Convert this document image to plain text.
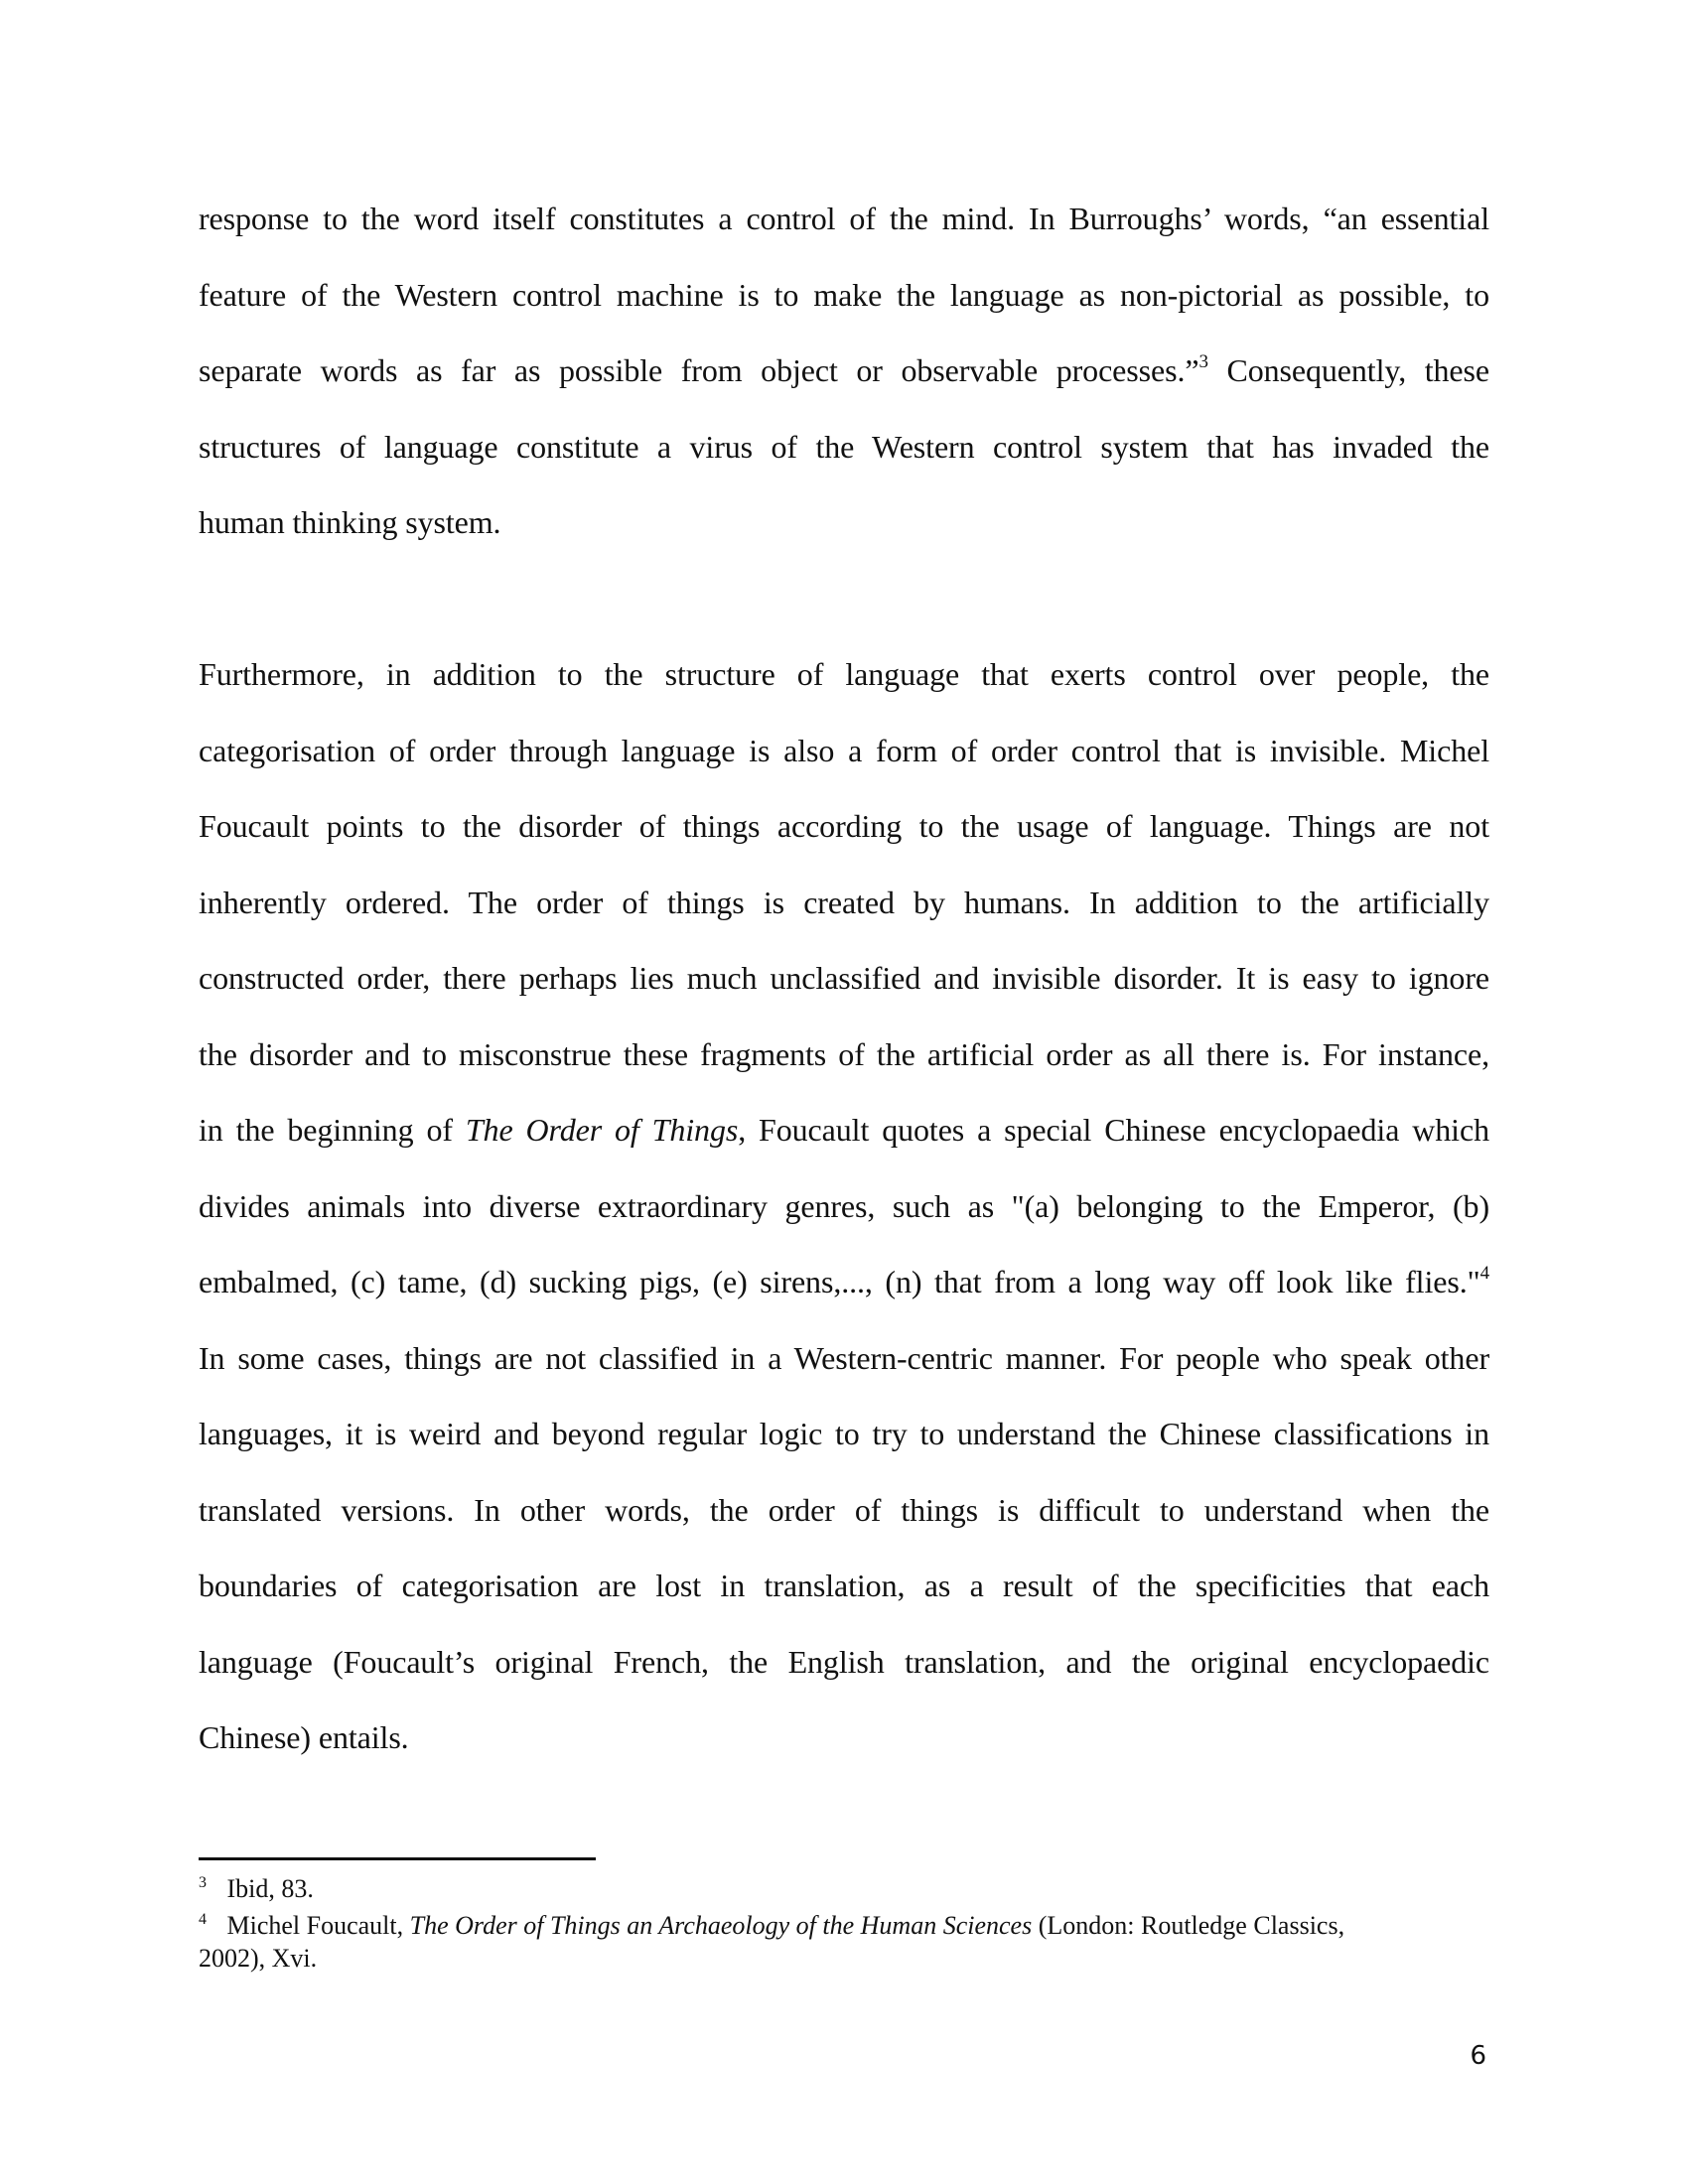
response to the word itself constitutes a control of the mind. In Burroughs’ words, “an essential
feature of the Western control machine is to make the language as non-pictorial as possible, to
separate words as far as possible from object or observable processes.”$^3$ Consequently, these
structures of language constitute a virus of the Western control system that has invaded the
human thinking system.
Furthermore, in addition to the structure of language that exerts control over people, the
categorisation of order through language is also a form of order control that is invisible. Michel
Foucault points to the disorder of things according to the usage of language. Things are not
inherently ordered. The order of things is created by humans. In addition to the artificially
constructed order, there perhaps lies much unclassified and invisible disorder. It is easy to ignore
the disorder and to misconstrue these fragments of the artificial order as all there is. For instance,
in the beginning of The Order of Things, Foucault quotes a special Chinese encyclopaedia which
divides animals into diverse extraordinary genres, such as "(a) belonging to the Emperor, (b)
embalmed, (c) tame, (d) sucking pigs, (e) sirens,..., (n) that from a long way off look like flies."$^4$
In some cases, things are not classified in a Western-centric manner. For people who speak other
languages, it is weird and beyond regular logic to try to understand the Chinese classifications in
translated versions. In other words, the order of things is difficult to understand when the
boundaries of categorisation are lost in translation, as a result of the specificities that each
language (Foucault’s original French, the English translation, and the original encyclopaedic
Chinese) entails.
$^3$ Ibid, 83.
$^4$ Michel Foucault, The Order of Things an Archaeology of the Human Sciences (London: Routledge Classics,
2002), Xvi.
6
